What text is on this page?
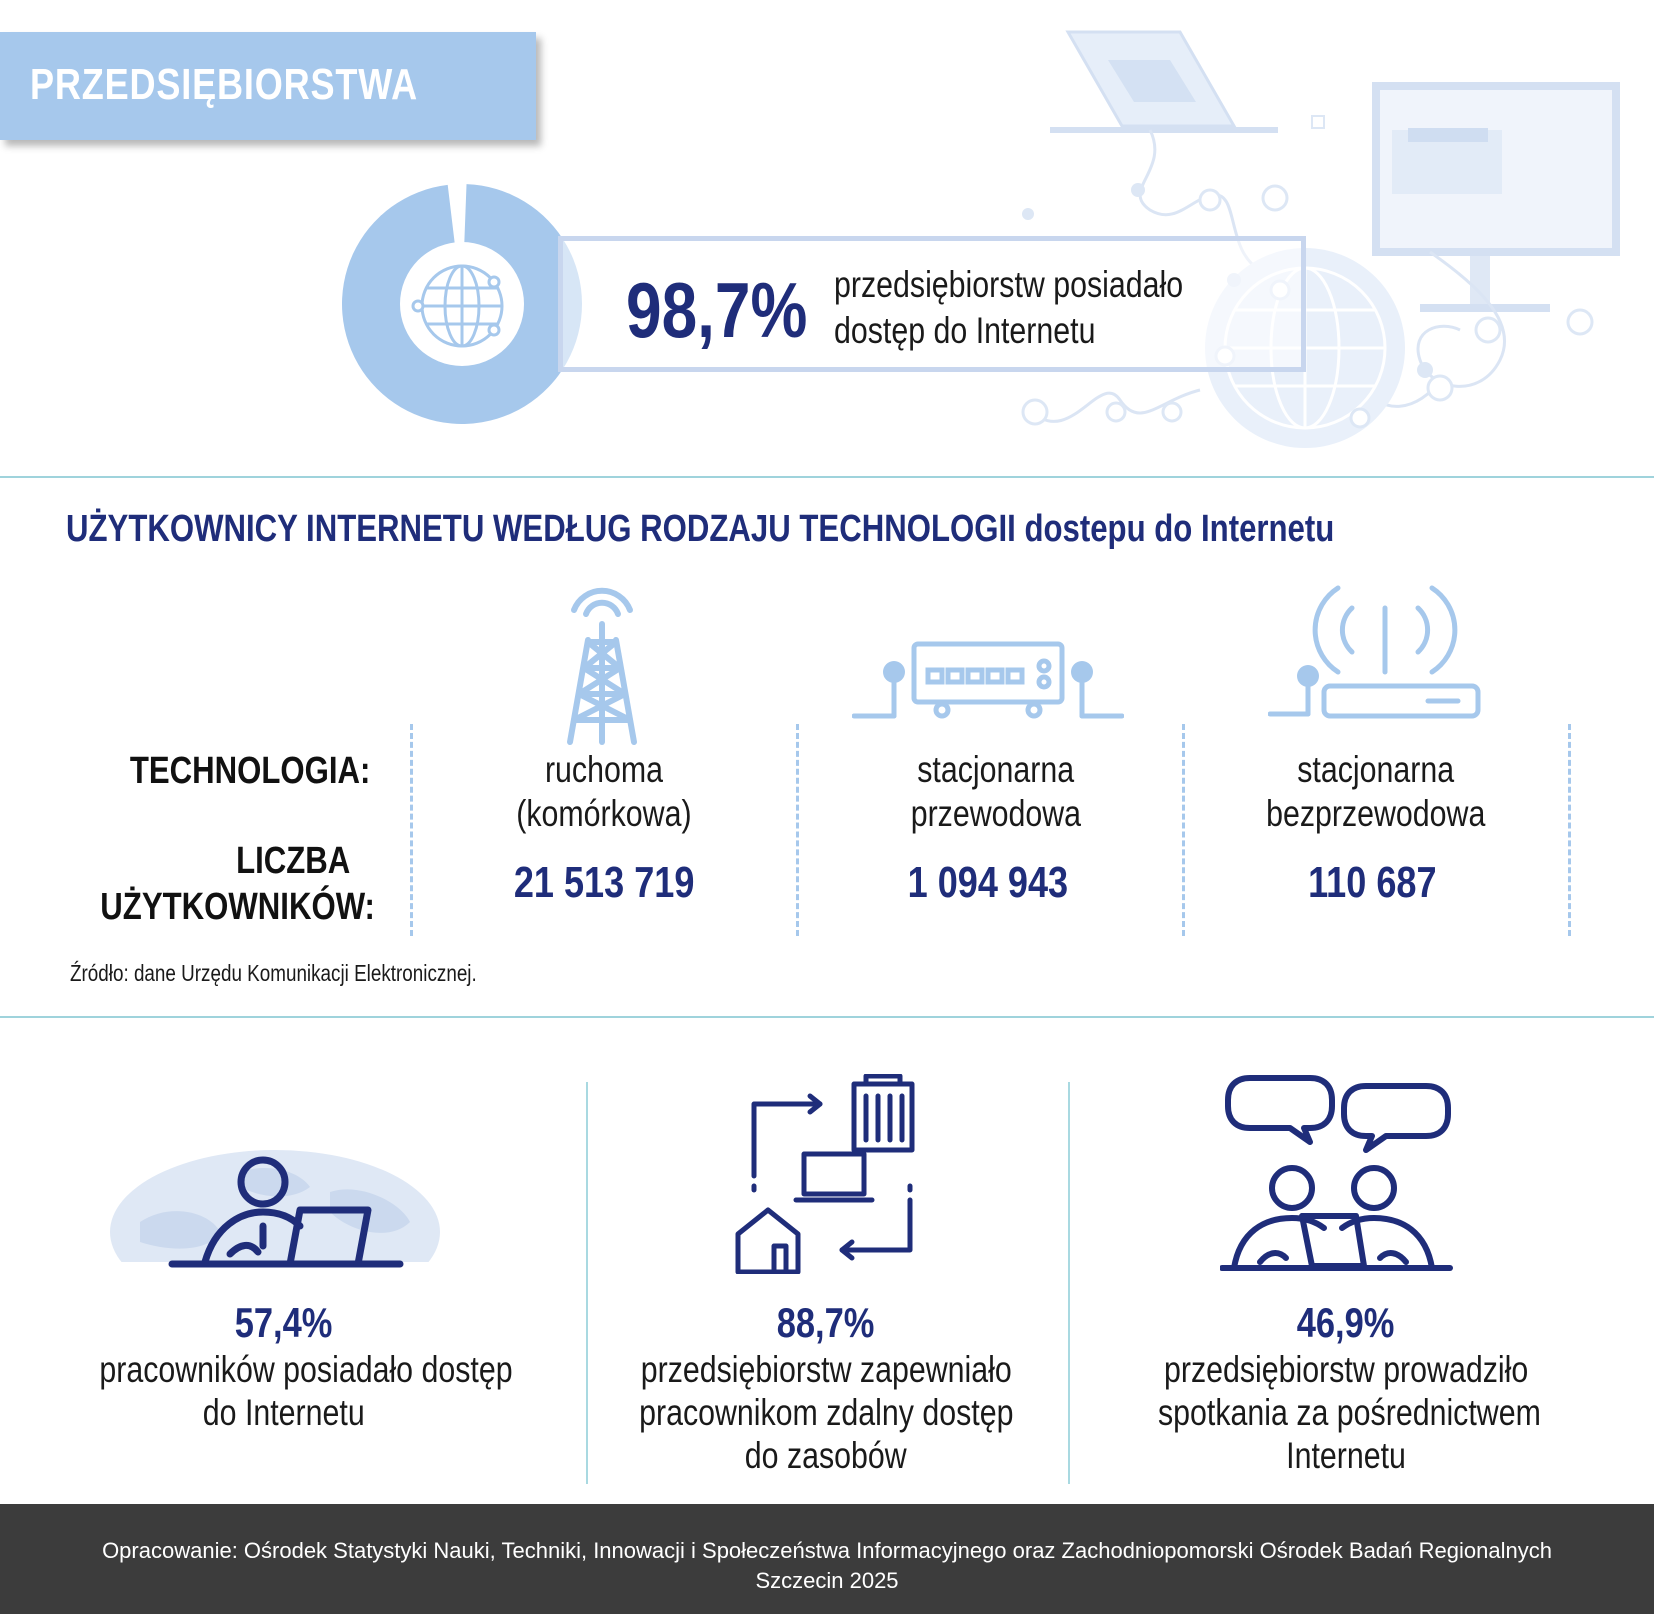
PRZEDSIĘBIORSTWA
98,7% przedsiębiorstw posiadało
dostęp do Internetu
UŻYTKOWNICY INTERNETU WEDŁUG RODZAJU TECHNOLOGII dostepu do Internetu
TECHNOLOGIA:
LICZBA
UŻYTKOWNIKÓW:
ruchoma
(komórkowa)
21 513 719
stacjonarna
przewodowa
1 094 943
stacjonarna
bezprzewodowa
110 687
Źródło: dane Urzędu Komunikacji Elektronicznej.
57,4%
pracowników posiadało dostęp
do Internetu
88,7%
przedsiębiorstw zapewniało
pracownikom zdalny dostęp
do zasobów
46,9%
przedsiębiorstw prowadziło
spotkania za pośrednictwem
Internetu
Opracowanie: Ośrodek Statystyki Nauki, Techniki, Innowacji i Społeczeństwa Informacyjnego oraz Zachodniopomorski Ośrodek Badań Regionalnych
Szczecin 2025
